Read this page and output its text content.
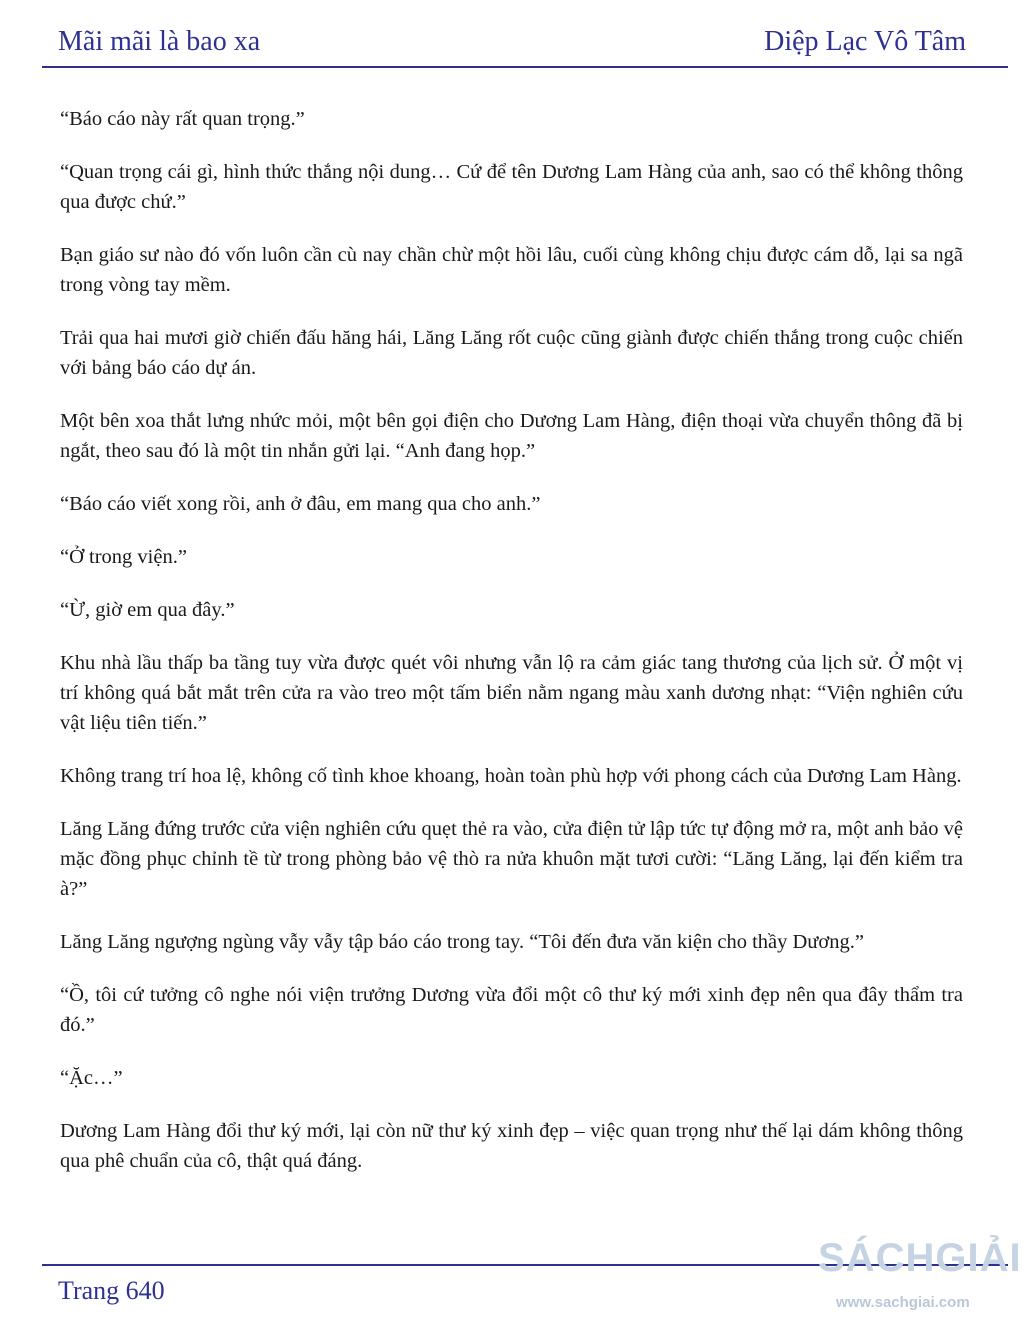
Mãi mãi là bao xa	Diệp Lạc Vô Tâm

“Báo cáo này rất quan trọng.”

“Quan trọng cái gì, hình thức thắng nội dung… Cứ để tên Dương Lam Hàng của anh, sao có thể không thông qua được chứ.”

Bạn giáo sư nào đó vốn luôn cần cù nay chần chừ một hồi lâu, cuối cùng không chịu được cám dỗ, lại sa ngã trong vòng tay mềm.

Trải qua hai mươi giờ chiến đấu hăng hái, Lăng Lăng rốt cuộc cũng giành được chiến thắng trong cuộc chiến với bảng báo cáo dự án.

Một bên xoa thắt lưng nhức mỏi, một bên gọi điện cho Dương Lam Hàng, điện thoại vừa chuyển thông đã bị ngắt, theo sau đó là một tin nhắn gửi lại. “Anh đang họp.”

“Báo cáo viết xong rồi, anh ở đâu, em mang qua cho anh.”

“Ở trong viện.”

“Ừ, giờ em qua đây.”

Khu nhà lầu thấp ba tầng tuy vừa được quét vôi nhưng vẫn lộ ra cảm giác tang thương của lịch sử. Ở một vị trí không quá bắt mắt trên cửa ra vào treo một tấm biển nằm ngang màu xanh dương nhạt: “Viện nghiên cứu vật liệu tiên tiến.”

Không trang trí hoa lệ, không cố tình khoe khoang, hoàn toàn phù hợp với phong cách của Dương Lam Hàng.

Lăng Lăng đứng trước cửa viện nghiên cứu quẹt thẻ ra vào, cửa điện tử lập tức tự động mở ra, một anh bảo vệ mặc đồng phục chỉnh tề từ trong phòng bảo vệ thò ra nửa khuôn mặt tươi cười: “Lăng Lăng, lại đến kiểm tra à?”

Lăng Lăng ngượng ngùng vẫy vẫy tập báo cáo trong tay. “Tôi đến đưa văn kiện cho thầy Dương.”

“Ồ, tôi cứ tưởng cô nghe nói viện trưởng Dương vừa đổi một cô thư ký mới xinh đẹp nên qua đây thẩm tra đó.”

“Ặc…”

Dương Lam Hàng đổi thư ký mới, lại còn nữ thư ký xinh đẹp – việc quan trọng như thế lại dám không thông qua phê chuẩn của cô, thật quá đáng.

Trang 640
SÁCHGIẢI
www.sachgiai.com
